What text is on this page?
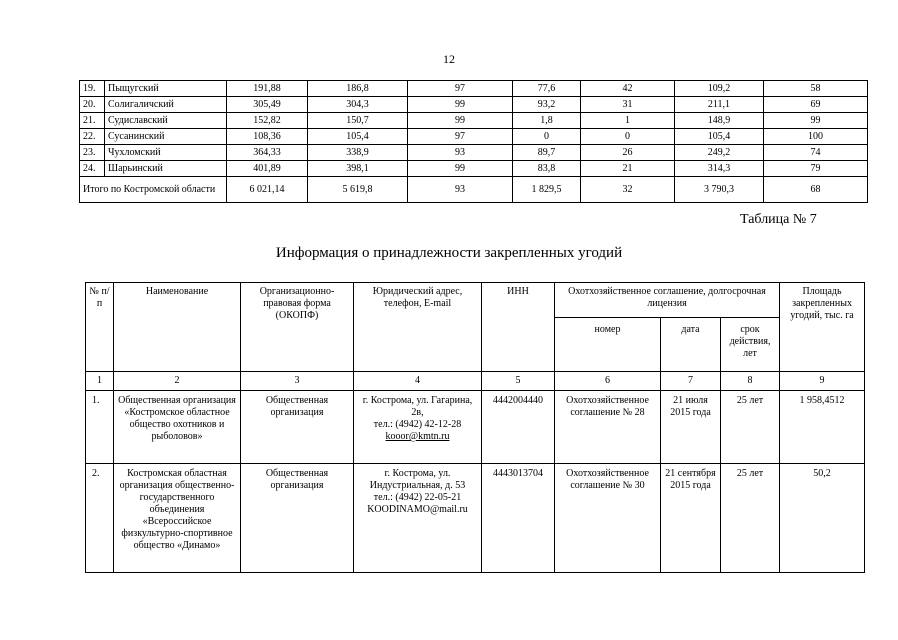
12
19.	Пыщугский	191,88	186,8	97	77,6	42	109,2	58
20.	Солигаличский	305,49	304,3	99	93,2	31	211,1	69
21.	Судиславский	152,82	150,7	99	1,8	1	148,9	99
22.	Сусанинский	108,36	105,4	97	0	0	105,4	100
23.	Чухломский	364,33	338,9	93	89,7	26	249,2	74
24.	Шарьинский	401,89	398,1	99	83,8	21	314,3	79
Итого по Костромской области		6 021,14	5 619,8	93	1 829,5	32	3 790,3	68
Таблица № 7
Информация о принадлежности закрепленных угодий
№ п/п	Наименование	Организационно-правовая форма (ОКОПФ)	Юридический адрес, телефон, E-mail	ИНН	Охотхозяйственное соглашение, долгосрочная лицензия			Площадь закрепленных угодий, тыс. га
					номер	дата	срок действия, лет	
1	2	3	4	5	6	7	8	9
1.	Общественная организация «Костромское областное общество охотников и рыболовов»	Общественная организация	г. Кострома, ул. Гагарина, 2в,
тел.: (4942) 42-12-28
kooor@kmtn.ru	4442004440	Охотхозяйственное соглашение № 28	21 июля 2015 года	25 лет	1 958,4512
2.	Костромская областная организация общественно-государственного объединения «Всероссийское физкультурно-спортивное общество «Динамо»	Общественная организация	г. Кострома, ул. Индустриальная, д. 53
тел.: (4942) 22-05-21
KOODINAMO@mail.ru	4443013704	Охотхозяйственное соглашение № 30	21 сентября 2015 года	25 лет	50,2
